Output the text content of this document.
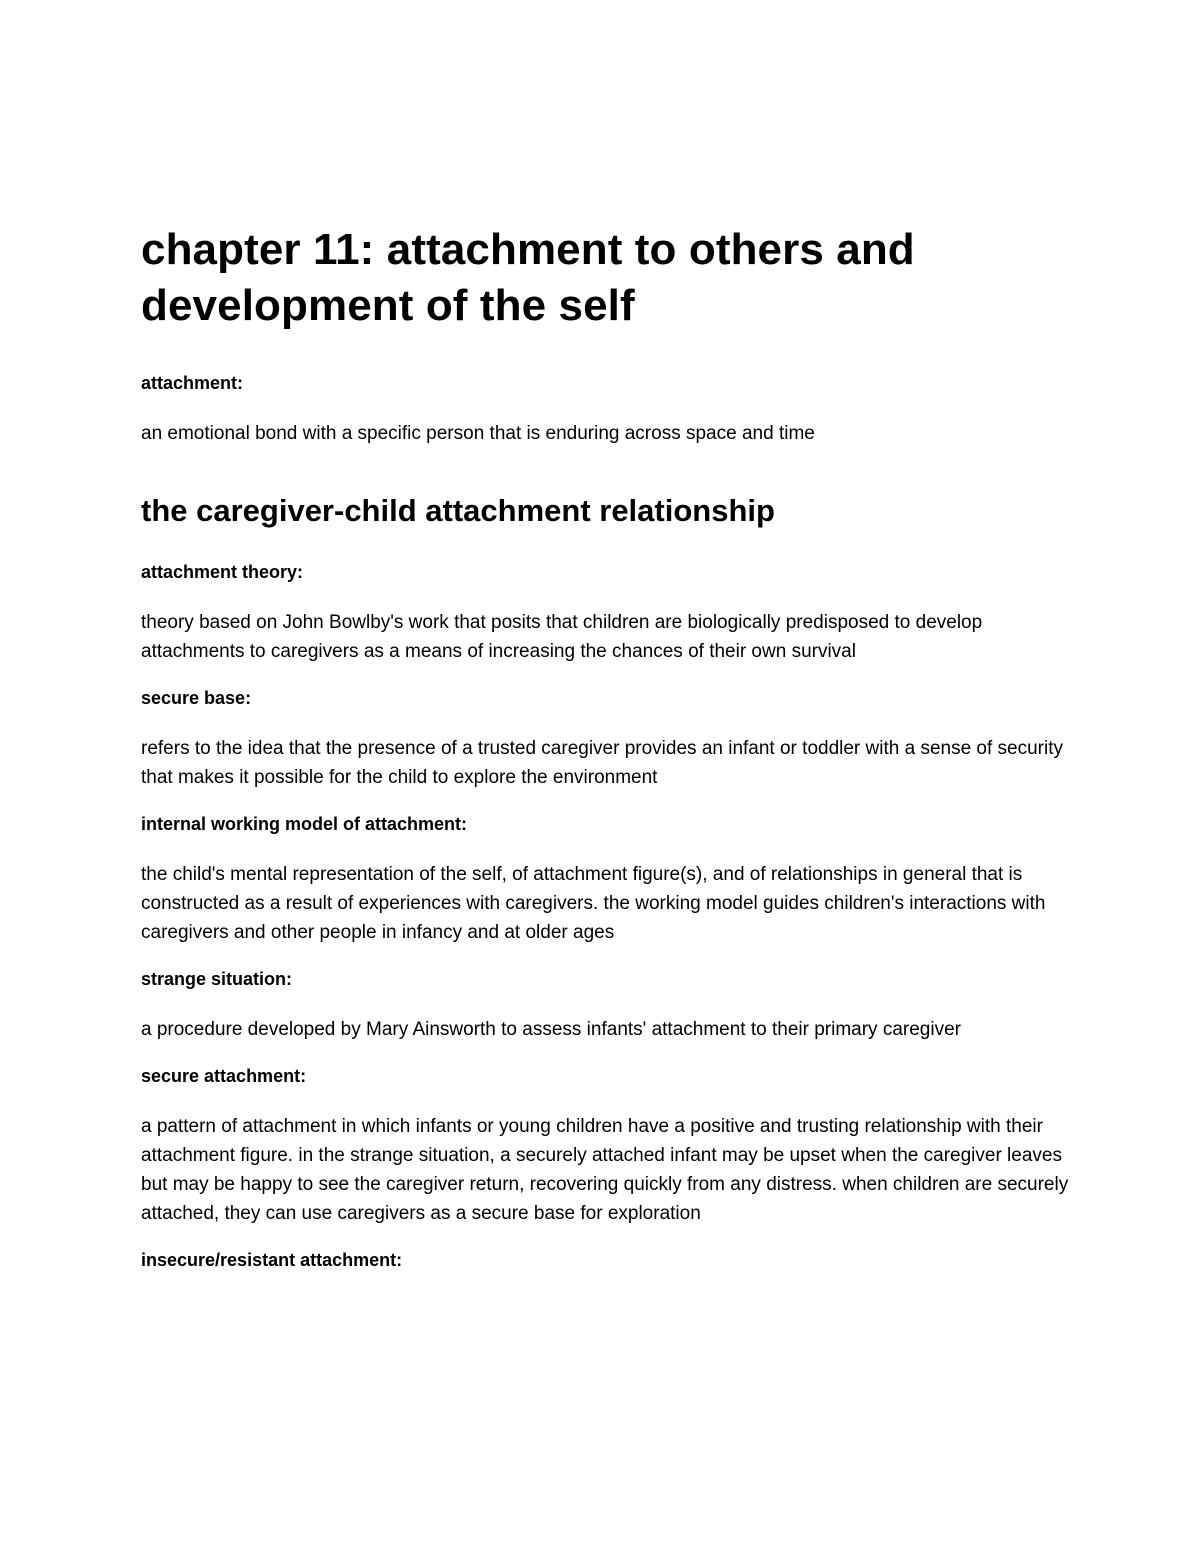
chapter 11: attachment to others and development of the self
attachment:
an emotional bond with a specific person that is enduring across space and time
the caregiver-child attachment relationship
attachment theory:
theory based on John Bowlby's work that posits that children are biologically predisposed to develop attachments to caregivers as a means of increasing the chances of their own survival
secure base:
refers to the idea that the presence of a trusted caregiver provides an infant or toddler with a sense of security that makes it possible for the child to explore the environment
internal working model of attachment:
the child's mental representation of the self, of attachment figure(s), and of relationships in general that is constructed as a result of experiences with caregivers. the working model guides children's interactions with caregivers and other people in infancy and at older ages
strange situation:
a procedure developed by Mary Ainsworth to assess infants' attachment to their primary caregiver
secure attachment:
a pattern of attachment in which infants or young children have a positive and trusting relationship with their attachment figure. in the strange situation, a securely attached infant may be upset when the caregiver leaves but may be happy to see the caregiver return, recovering quickly from any distress. when children are securely attached, they can use caregivers as a secure base for exploration
insecure/resistant attachment:
